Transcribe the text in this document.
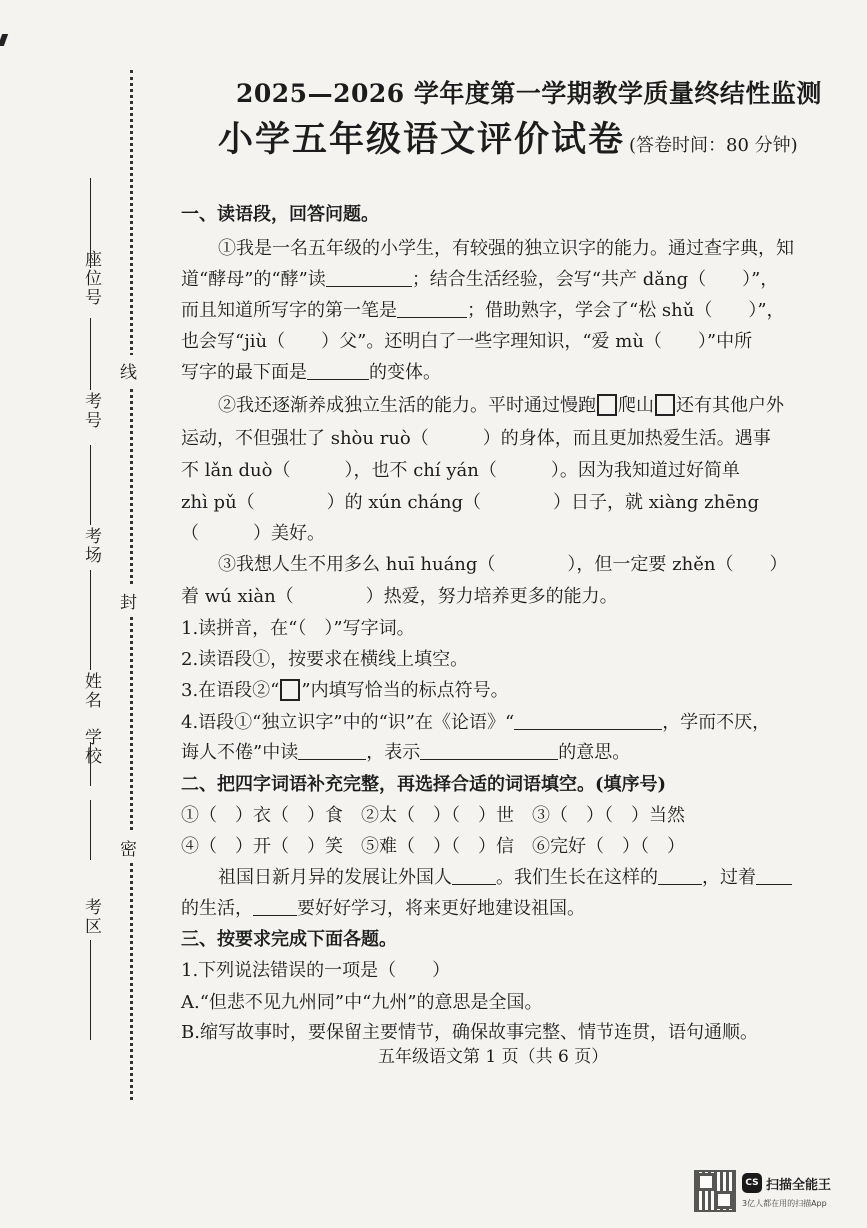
线
封
密
座位号
考号
考场
姓名
学校
考区
2025—2026 学年度第一学期教学质量终结性监测
小学五年级语文评价试卷 (答卷时间：80 分钟)
一、读语段，回答问题。
①我是一名五年级的小学生，有较强的独立识字的能力。通过查字典，知
道“酵母”的“酵”读	；结合生活经验，会写“共产 dǎng（　　）”，
而且知道所写字的第一笔是	；借助熟字，学会了“松 shǔ（　　）”，
也会写“jiù（　　）父”。还明白了一些字理知识，“爱 mù（　　）”中所
写字的最下面是	的变体。
②我还逐渐养成独立生活的能力。平时通过慢跑 爬山 还有其他户外
运动，不但强壮了 shòu ruò（　　　）的身体，而且更加热爱生活。遇事
不 lǎn duò（　　　），也不 chí yán（　　　）。因为我知道过好简单
zhì pǔ（　　　　）的 xún cháng（　　　　）日子，就 xiàng zhēng
（　　　）美好。
③我想人生不用多么 huī huáng（　　　　），但一定要 zhěn（　　）
着 wú xiàn（　　　　）热爱，努力培养更多的能力。
1.读拼音，在“（　）”写字词。
2.读语段①，按要求在横线上填空。
3.在语段②“ ”内填写恰当的标点符号。
4.语段①“独立识字”中的“识”在《论语》“	，学而不厌，
诲人不倦”中读	，表示	的意思。
二、把四字词语补充完整，再选择合适的词语填空。(填序号)
①（　）衣（　）食　②太（　）（　）世　③（　）（　）当然
④（　）开（　）笑　⑤难（　）（　）信　⑥完好（　）（　）
祖国日新月异的发展让外国人 。我们生长在这样的 ，过着
的生活， 要好好学习，将来更好地建设祖国。
三、按要求完成下面各题。
1.下列说法错误的一项是（　　）
A.“但悲不见九州同”中“九州”的意思是全国。
B.缩写故事时，要保留主要情节，确保故事完整、情节连贯，语句通顺。
五年级语文第 1 页（共 6 页）
CS 扫描全能王
3亿人都在用的扫描App
